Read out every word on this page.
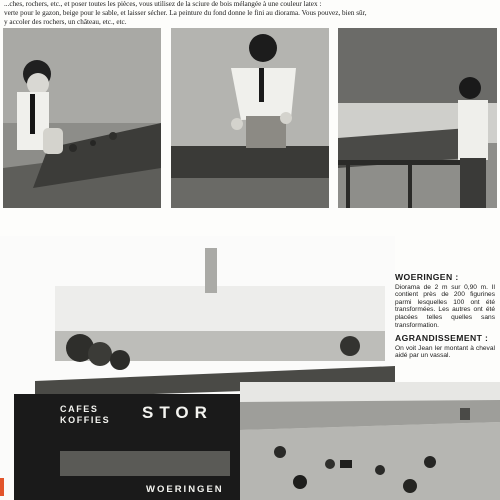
...ches, rochers, etc., et poser toutes les pièces, vous utilisez de la sciure de bois mélangée à une couleur latex :

verte pour le gazon, beige pour le sable, et laisser sécher. La peinture du fond donne le fini au diorama. Vous pouvez, bien sûr,

y accoler des rochers, un château, etc., etc.

CAFES
KOFFIES STOR
WOERINGEN
WOERINGEN :

Diorama de 2 m sur 0,90 m. Il contient près de 200 figurines parmi lesquelles 100 ont été transformées. Les autres ont été placées telles quelles sans transformation.

AGRANDISSEMENT :

On voit Jean Ier montant à cheval aidé par un vassal.
